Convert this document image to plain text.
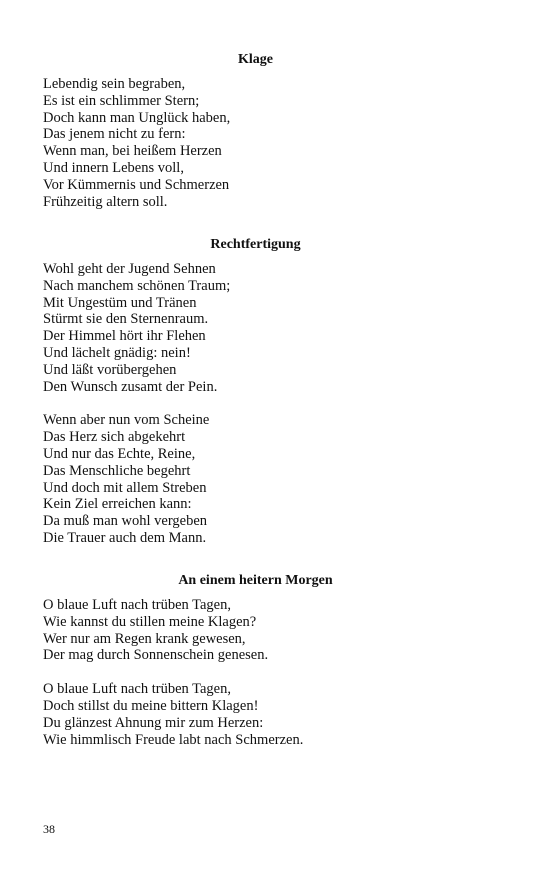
Klage
Lebendig sein begraben,
Es ist ein schlimmer Stern;
Doch kann man Unglück haben,
Das jenem nicht zu fern:
Wenn man, bei heißem Herzen
Und innern Lebens voll,
Vor Kümmernis und Schmerzen
Frühzeitig altern soll.
Rechtfertigung
Wohl geht der Jugend Sehnen
Nach manchem schönen Traum;
Mit Ungestüm und Tränen
Stürmt sie den Sternenraum.
Der Himmel hört ihr Flehen
Und lächelt gnädig: nein!
Und läßt vorübergehen
Den Wunsch zusamt der Pein.
Wenn aber nun vom Scheine
Das Herz sich abgekehrt
Und nur das Echte, Reine,
Das Menschliche begehrt
Und doch mit allem Streben
Kein Ziel erreichen kann:
Da muß man wohl vergeben
Die Trauer auch dem Mann.
An einem heitern Morgen
O blaue Luft nach trüben Tagen,
Wie kannst du stillen meine Klagen?
Wer nur am Regen krank gewesen,
Der mag durch Sonnenschein genesen.
O blaue Luft nach trüben Tagen,
Doch stillst du meine bittern Klagen!
Du glänzest Ahnung mir zum Herzen:
Wie himmlisch Freude labt nach Schmerzen.
38
